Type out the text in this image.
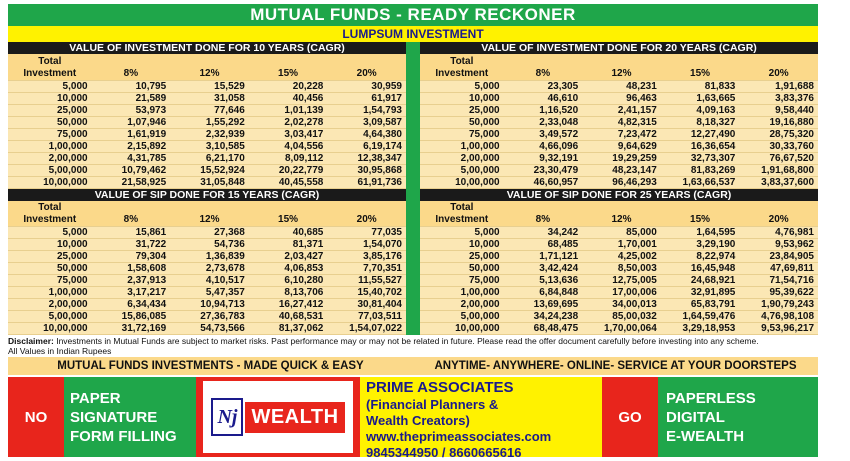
MUTUAL FUNDS - READY RECKONER
LUMPSUM INVESTMENT
VALUE OF INVESTMENT DONE FOR 10 YEARS (CAGR)
Total Investment	8%	12%	15%	20%
5,000	10,795	15,529	20,228	30,959
10,000	21,589	31,058	40,456	61,917
25,000	53,973	77,646	1,01,139	1,54,793
50,000	1,07,946	1,55,292	2,02,278	3,09,587
75,000	1,61,919	2,32,939	3,03,417	4,64,380
1,00,000	2,15,892	3,10,585	4,04,556	6,19,174
2,00,000	4,31,785	6,21,170	8,09,112	12,38,347
5,00,000	10,79,462	15,52,924	20,22,779	30,95,868
10,00,000	21,58,925	31,05,848	40,45,558	61,91,736
VALUE OF INVESTMENT DONE FOR 20 YEARS (CAGR)
Total Investment	8%	12%	15%	20%
5,000	23,305	48,231	81,833	1,91,688
10,000	46,610	96,463	1,63,665	3,83,376
25,000	1,16,520	2,41,157	4,09,163	9,58,440
50,000	2,33,048	4,82,315	8,18,327	19,16,880
75,000	3,49,572	7,23,472	12,27,490	28,75,320
1,00,000	4,66,096	9,64,629	16,36,654	30,33,760
2,00,000	9,32,191	19,29,259	32,73,307	76,67,520
5,00,000	23,30,479	48,23,147	81,83,269	1,91,68,800
10,00,000	46,60,957	96,46,293	1,63,66,537	3,83,37,600
VALUE OF SIP DONE FOR 15 YEARS (CAGR)
Total Investment	8%	12%	15%	20%
5,000	15,861	27,368	40,685	77,035
10,000	31,722	54,736	81,371	1,54,070
25,000	79,304	1,36,839	2,03,427	3,85,176
50,000	1,58,608	2,73,678	4,06,853	7,70,351
75,000	2,37,913	4,10,517	6,10,280	11,55,527
1,00,000	3,17,217	5,47,357	8,13,706	15,40,702
2,00,000	6,34,434	10,94,713	16,27,412	30,81,404
5,00,000	15,86,085	27,36,783	40,68,531	77,03,511
10,00,000	31,72,169	54,73,566	81,37,062	1,54,07,022
VALUE OF SIP DONE FOR 25 YEARS (CAGR)
Total Investment	8%	12%	15%	20%
5,000	34,242	85,000	1,64,595	4,76,981
10,000	68,485	1,70,001	3,29,190	9,53,962
25,000	1,71,121	4,25,002	8,22,974	23,84,905
50,000	3,42,424	8,50,003	16,45,948	47,69,811
75,000	5,13,636	12,75,005	24,68,921	71,54,716
1,00,000	6,84,848	17,00,006	32,91,895	95,39,622
2,00,000	13,69,695	34,00,013	65,83,791	1,90,79,243
5,00,000	34,24,238	85,00,032	1,64,59,476	4,76,98,108
10,00,000	68,48,475	1,70,00,064	3,29,18,953	9,53,96,217
Disclaimer: Investments in Mutual Funds are subject to market risks. Past performance may or may not be related in future. Please read the offer document carefully before investing into any scheme.
All Values in Indian Rupees
MUTUAL FUNDS INVESTMENTS - MADE QUICK & EASY	ANYTIME- ANYWHERE- ONLINE- SERVICE AT YOUR DOORSTEPS
NO
PAPER
SIGNATURE
FORM FILLING
Nj WEALTH
PRIME ASSOCIATES
(Financial Planners &
Wealth Creators)
www.theprimeassociates.com
9845344950 / 8660665616
GO
PAPERLESS
DIGITAL
E-WEALTH
